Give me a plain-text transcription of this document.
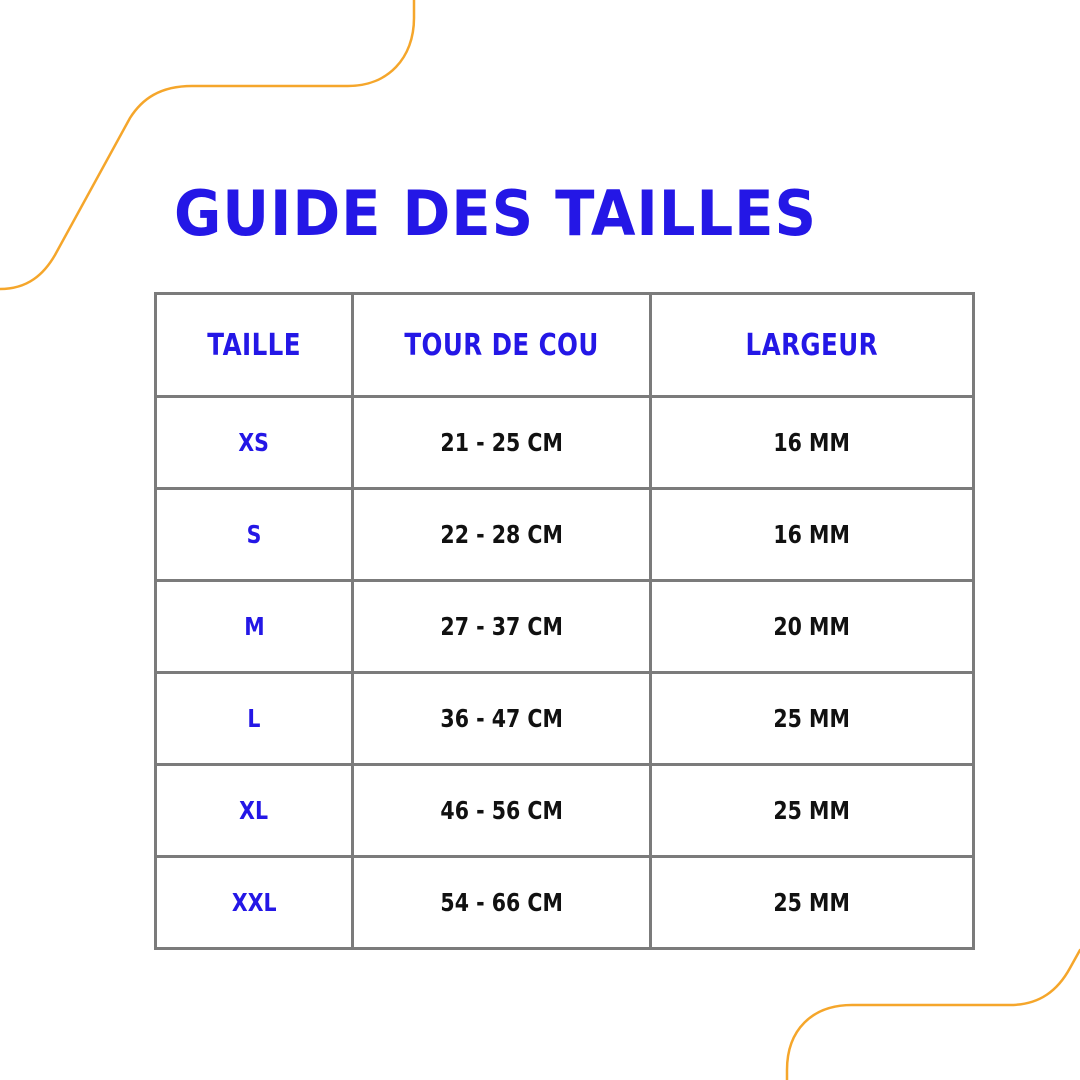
GUIDE DES TAILLES
TAILLE	TOUR DE COU	LARGEUR
XS	21 - 25 CM	16 MM
S	22 - 28 CM	16 MM
M	27 - 37 CM	20 MM
L	36 - 47 CM	25 MM
XL	46 - 56 CM	25 MM
XXL	54 - 66 CM	25 MM
